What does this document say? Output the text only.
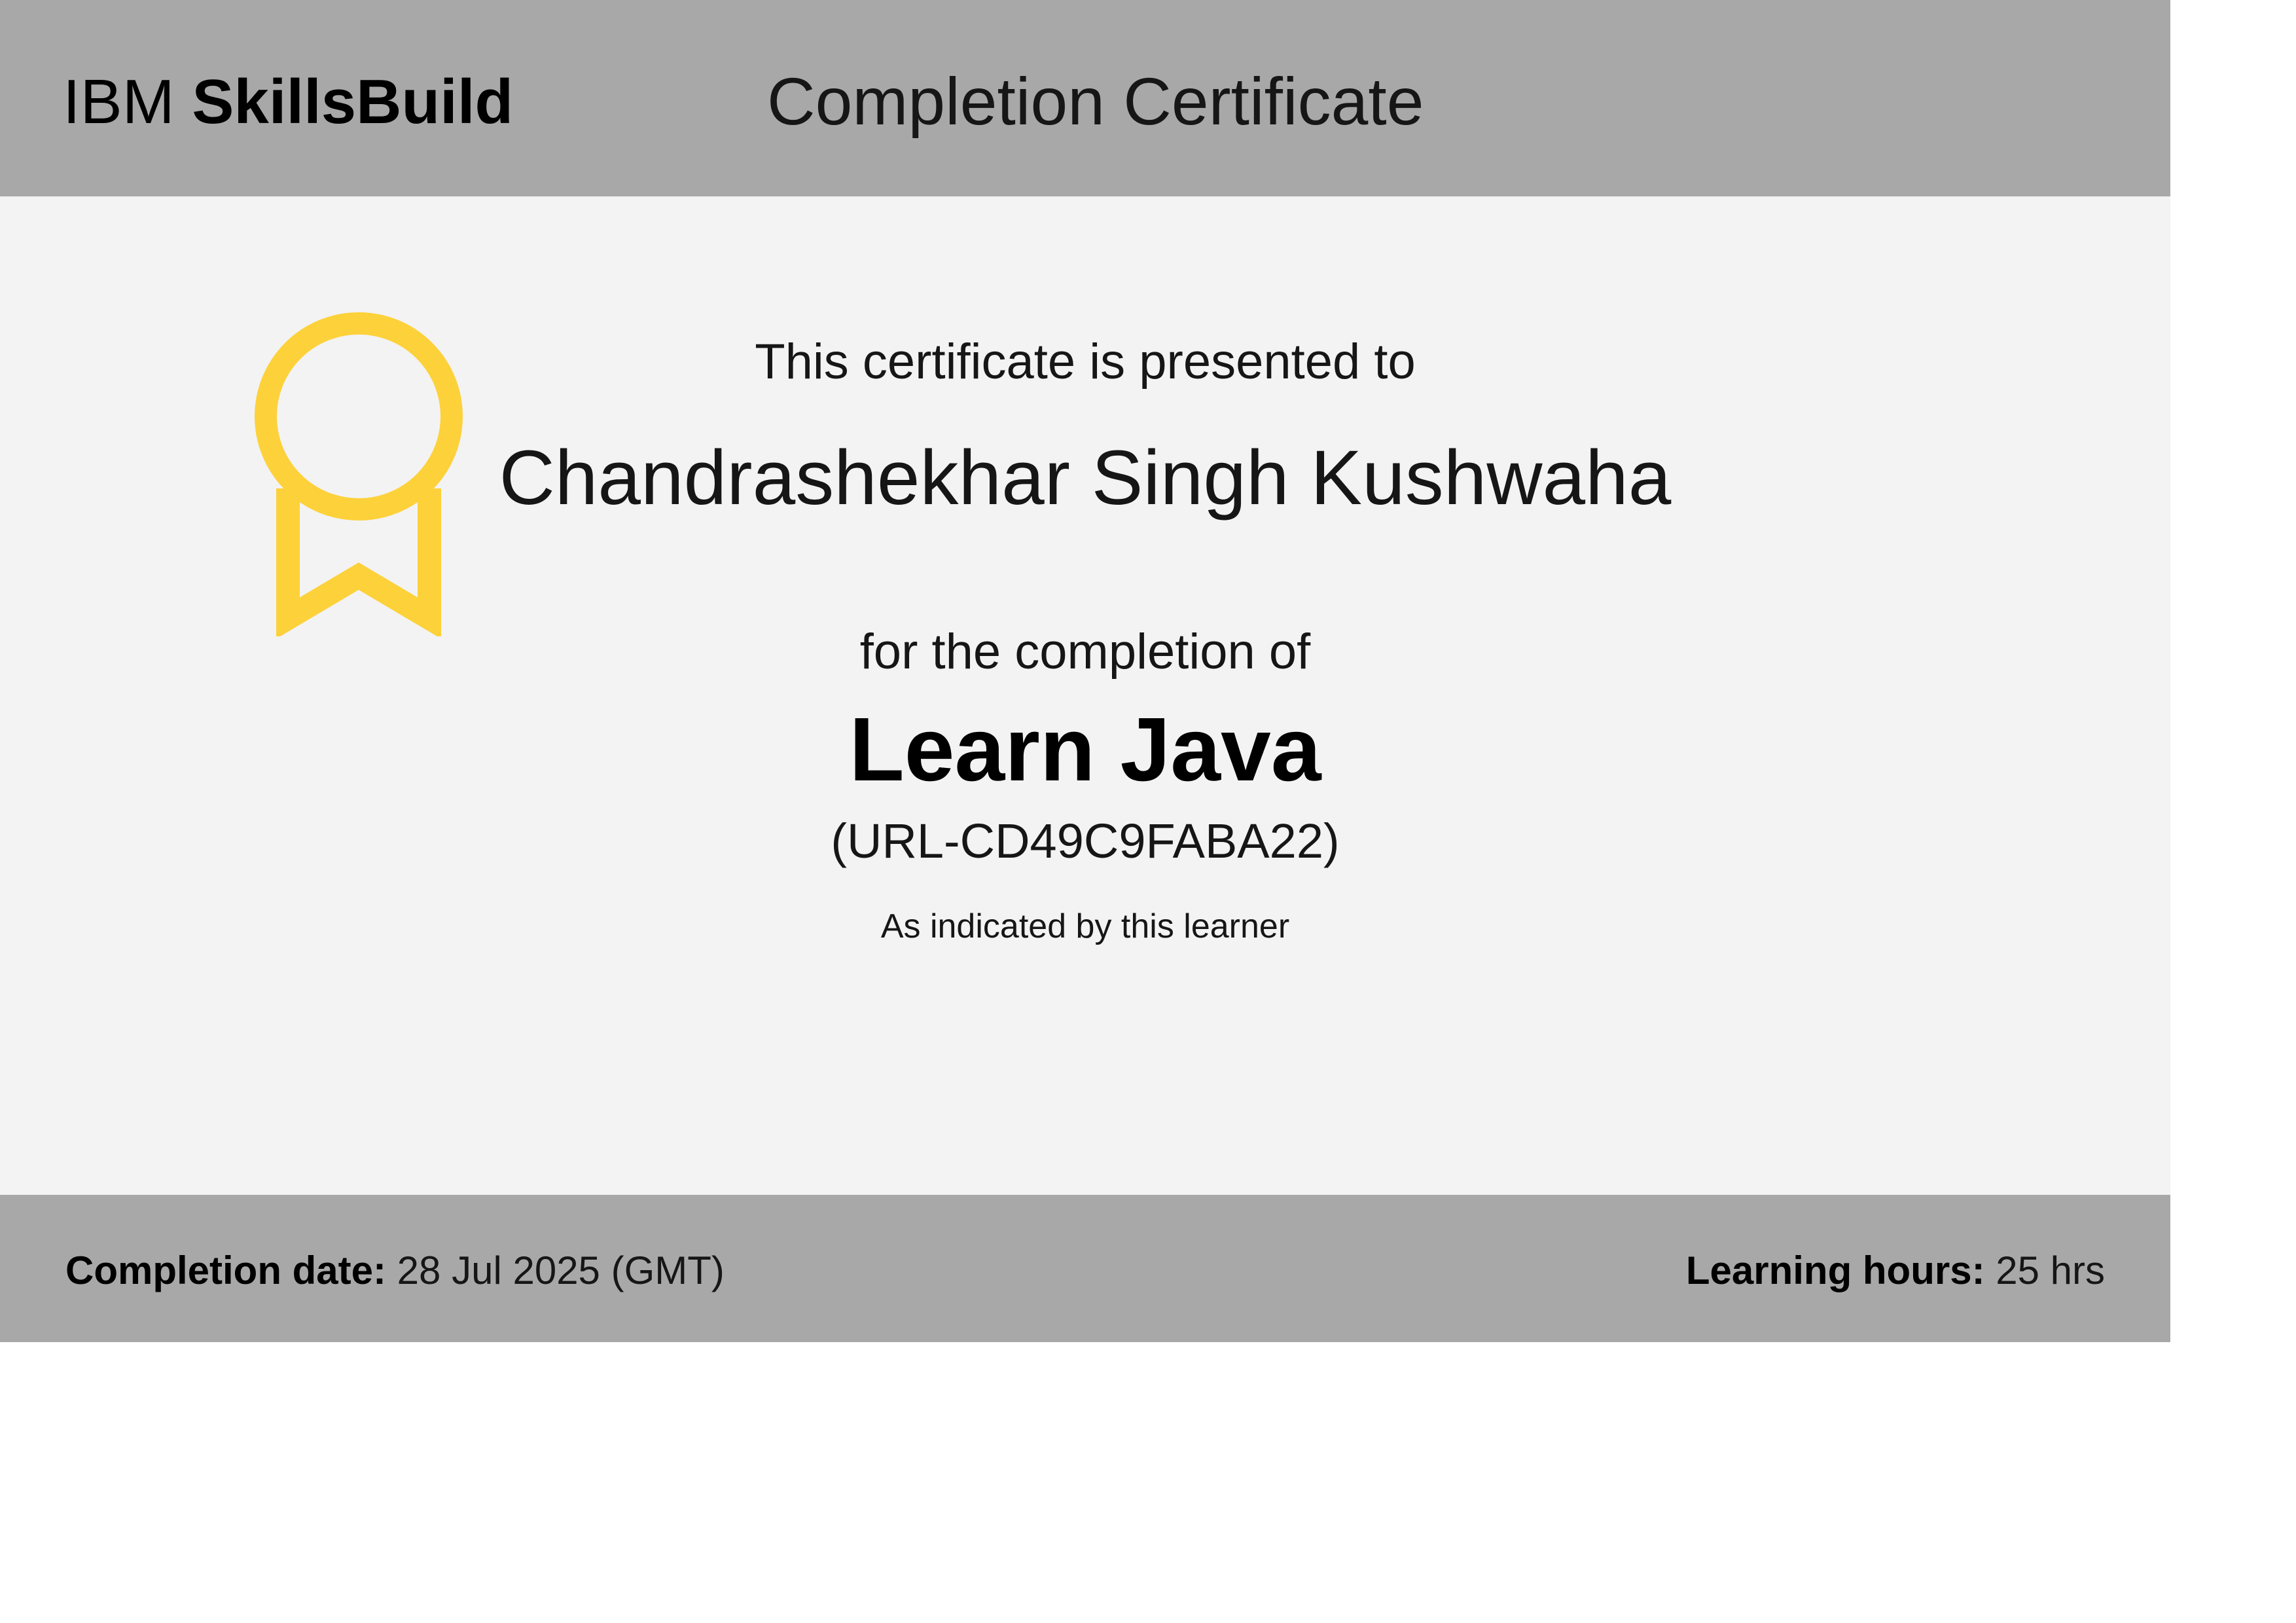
IBM SkillsBuild	Completion Certificate
This certificate is presented to
Chandrashekhar Singh Kushwaha
for the completion of
Learn Java
(URL-CD49C9FABA22)
As indicated by this learner
Completion date: 28 Jul 2025 (GMT)	Learning hours: 25 hrs
